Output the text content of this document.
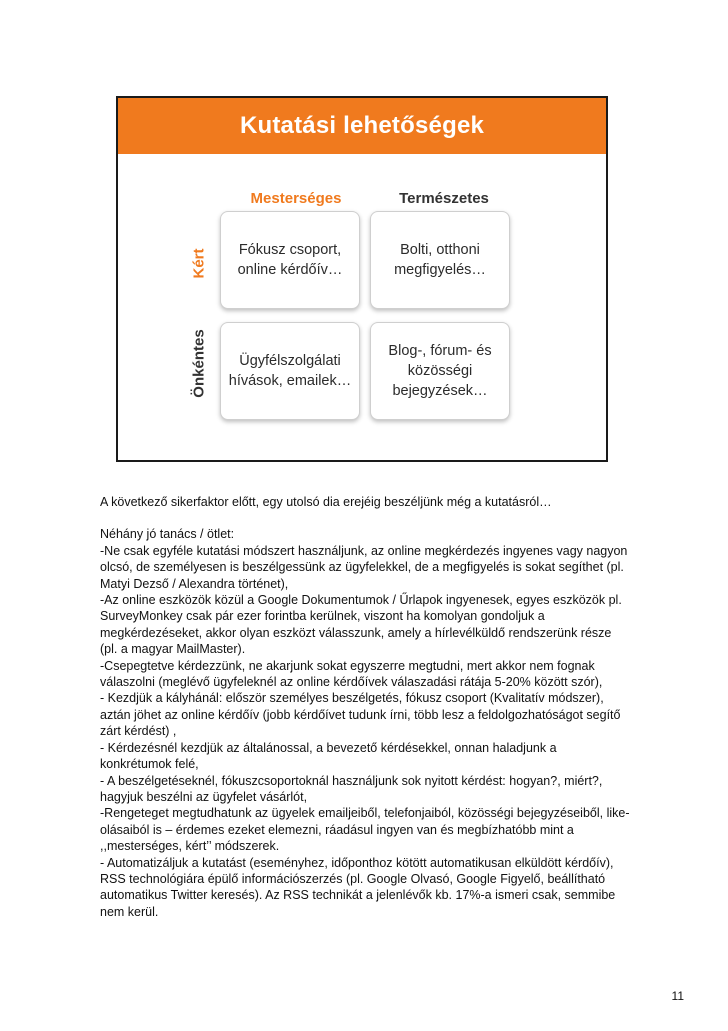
Kutatási lehetőségek
Mesterséges	Természetes
Kért
Önkéntes
Fókusz csoport, online kérdőív…
Bolti, otthoni megfigyelés…
Ügyfélszolgálati hívások, emailek…
Blog-, fórum- és közösségi bejegyzések…

A következő sikerfaktor előtt, egy utolsó dia erejéig beszéljünk még a kutatásról…

Néhány jó tanács / ötlet:

-Ne csak egyféle kutatási módszert használjunk, az online megkérdezés ingyenes vagy nagyon olcsó, de személyesen is beszélgessünk az ügyfelekkel, de a megfigyelés is sokat segíthet (pl. Matyi Dezső / Alexandra történet),

-Az online eszközök közül a Google Dokumentumok / Űrlapok ingyenesek, egyes eszközök pl. SurveyMonkey csak pár ezer forintba kerülnek, viszont ha komolyan gondoljuk a megkérdezéseket, akkor olyan eszközt válasszunk, amely a hírlevélküldő rendszerünk része (pl. a magyar MailMaster).

-Csepegtetve kérdezzünk, ne akarjunk sokat egyszerre megtudni, mert akkor nem fognak válaszolni (meglévő ügyfeleknél az online kérdőívek válaszadási rátája 5-20% között szór),

- Kezdjük a kályhánál: először személyes beszélgetés, fókusz csoport (Kvalitatív módszer), aztán jöhet az online kérdőív (jobb kérdőívet tudunk írni, több lesz a feldolgozhatóságot segítő zárt kérdést) ,

- Kérdezésnél kezdjük az általánossal, a bevezető kérdésekkel, onnan haladjunk a konkrétumok felé,

- A beszélgetéseknél, fókuszcsoportoknál használjunk sok nyitott kérdést: hogyan?, miért?, hagyjuk beszélni az ügyfelet vásárlót,

-Rengeteget megtudhatunk az ügyelek emailjeiből, telefonjaiból, közösségi bejegyzéseiből, like-olásaiból is – érdemes ezeket elemezni, ráadásul ingyen van és megbízhatóbb mint a ,,mesterséges, kért’’ módszerek.

- Automatizáljuk a kutatást (eseményhez, időponthoz kötött automatikusan elküldött kérdőív), RSS technológiára épülő információszerzés (pl. Google Olvasó, Google Figyelő, beállítható automatikus Twitter keresés). Az RSS technikát a jelenlévők kb. 17%-a ismeri csak, semmibe nem kerül.

11
